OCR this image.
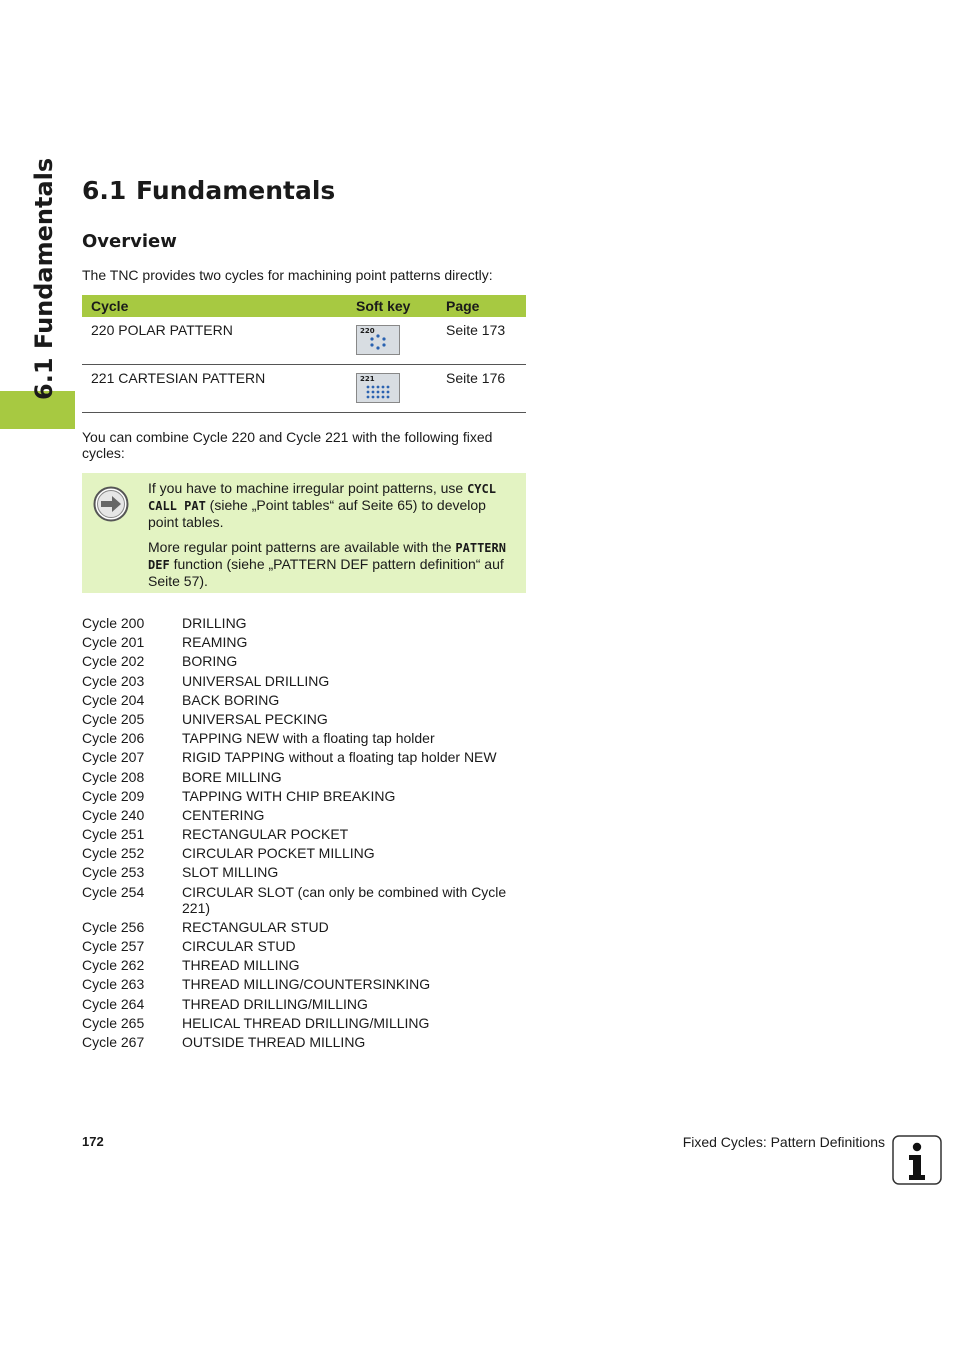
6.1 Fundamentals 6.1 Fundamentals
Overview

The TNC provides two cycles for machining point patterns directly:

Cycle	Soft key	Page
220 POLAR PATTERN	220	Seite 173
221 CARTESIAN PATTERN	221	Seite 176

You can combine Cycle 220 and Cycle 221 with the following fixed cycles:

If you have to machine irregular point patterns, use CYCL CALL PAT (siehe „Point tables“ auf Seite 65) to develop point tables.

More regular point patterns are available with the PATTERN DEF function (siehe „PATTERN DEF pattern definition“ auf Seite 57).

Cycle 200	DRILLING
Cycle 201	REAMING
Cycle 202	BORING
Cycle 203	UNIVERSAL DRILLING
Cycle 204	BACK BORING
Cycle 205	UNIVERSAL PECKING
Cycle 206	TAPPING NEW with a floating tap holder
Cycle 207	RIGID TAPPING without a floating tap holder NEW
Cycle 208	BORE MILLING
Cycle 209	TAPPING WITH CHIP BREAKING
Cycle 240	CENTERING
Cycle 251	RECTANGULAR POCKET
Cycle 252	CIRCULAR POCKET MILLING
Cycle 253	SLOT MILLING
Cycle 254	CIRCULAR SLOT (can only be combined with Cycle 221)
Cycle 256	RECTANGULAR STUD
Cycle 257	CIRCULAR STUD
Cycle 262	THREAD MILLING
Cycle 263	THREAD MILLING/COUNTERSINKING
Cycle 264	THREAD DRILLING/MILLING
Cycle 265	HELICAL THREAD DRILLING/MILLING
Cycle 267	OUTSIDE THREAD MILLING
172	Fixed Cycles: Pattern Definitions
